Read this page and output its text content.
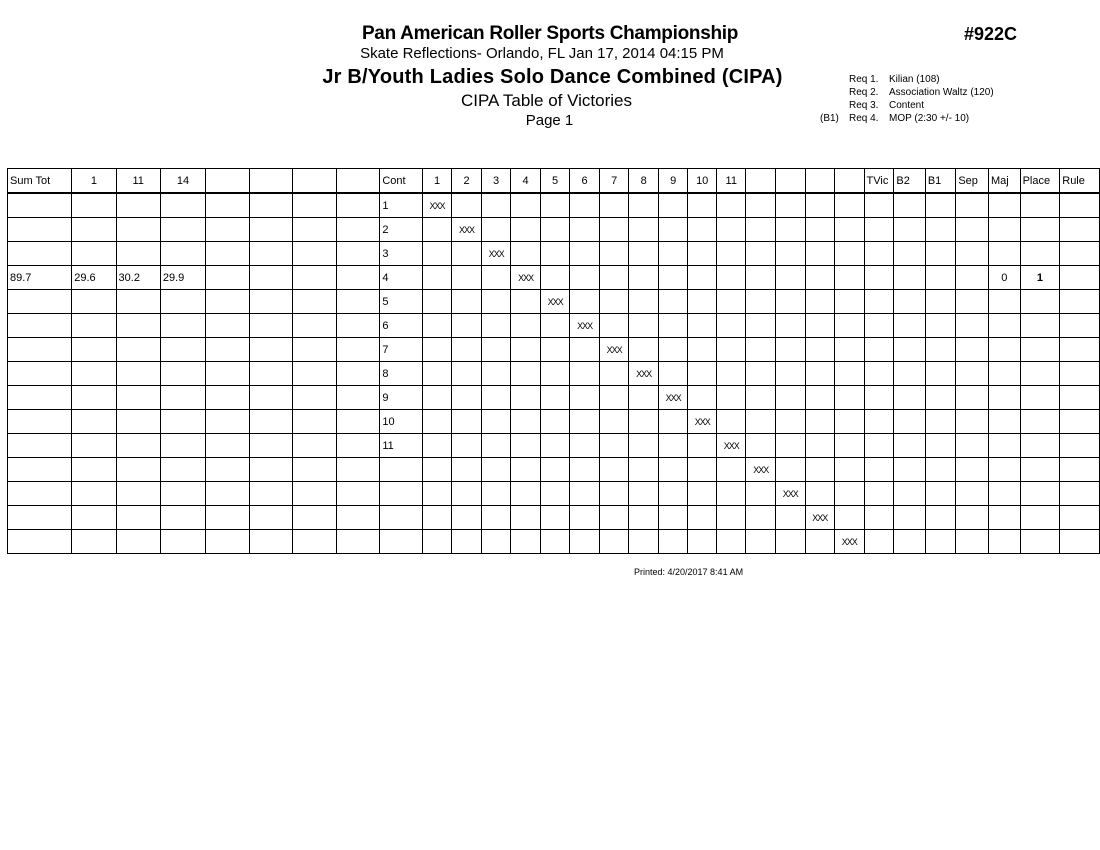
Pan American Roller Sports Championship	#922C
Skate Reflections- Orlando, FL Jan 17, 2014 04:15 PM
Jr B/Youth Ladies Solo Dance Combined (CIPA)
CIPA Table of Victories
Page 1
Req 1. Kilian (108)
Req 2. Association Waltz (120)
Req 3. Content
(B1) Req 4. MOP (2:30 +/- 10)
Sum Tot	1	11	14					Cont	1	2	3	4	5	6	7	8	9	10	11					TVic	B2	B1	Sep	Maj	Place	Rule
								1	XXX																					
								2		XXX																				
								3			XXX																			
89.7	29.6	30.2	29.9					4				XXX																0	1	
								5					XXX																	
								6						XXX																
								7							XXX															
								8								XXX														
								9									XXX													
								10										XXX												
								11											XXX											
																				XXX										
																					XXX									
																						XXX								
																							XXX							
Printed: 4/20/2017 8:41 AM
